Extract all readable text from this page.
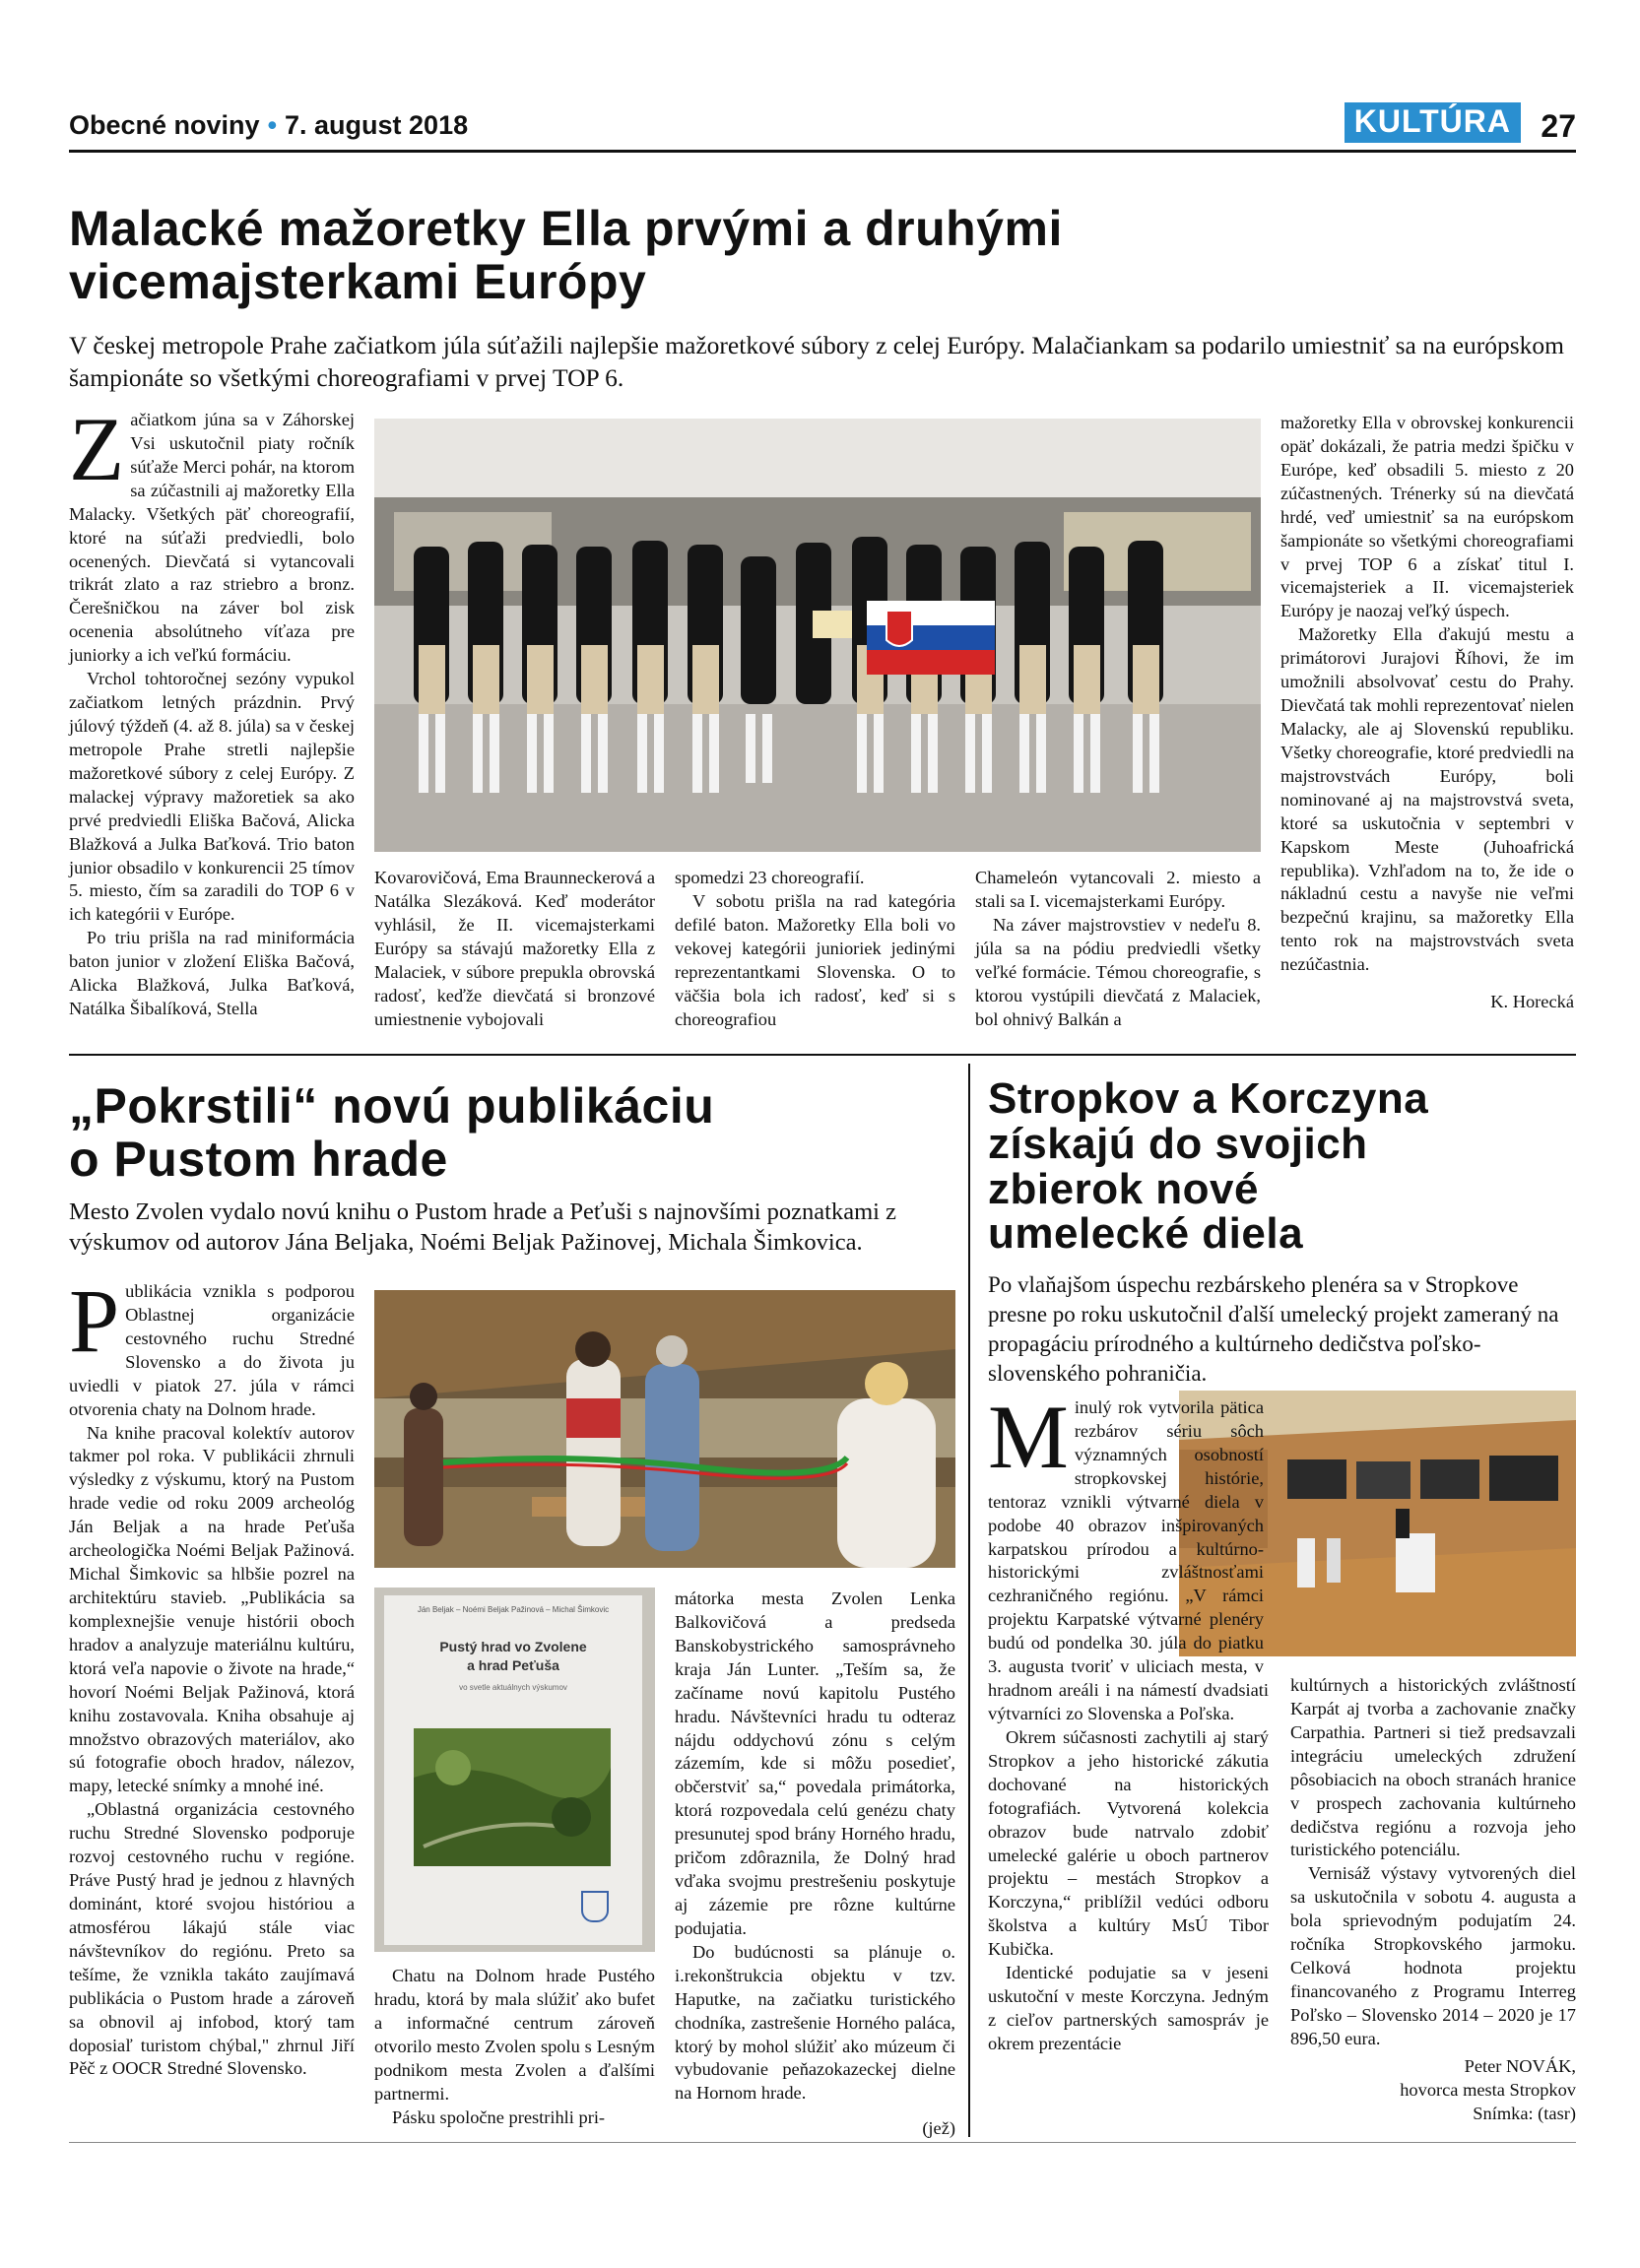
Obecné noviny • 7. august 2018	KULTÚRA 27
Malacké mažoretky Ella prvými a druhými
vicemajsterkami Európy
V českej metropole Prahe začiatkom júla súťažili najlepšie mažoretkové súbory z celej Európy. Malačiankam sa podarilo umiestniť sa na európskom šampionáte so všetkými choreografiami v prvej TOP 6.

Začiatkom júna sa v Záhorskej Vsi uskutočnil piaty ročník súťaže Merci pohár, na ktorom sa zúčastnili aj mažoretky Ella Malacky. Všetkých päť choreografií, ktoré na súťaži predviedli, bolo ocenených. Dievčatá si vytancovali trikrát zlato a raz striebro a bronz. Čerešničkou na záver bol zisk ocenenia absolútneho víťaza pre juniorky a ich veľkú formáciu.

Vrchol tohtoročnej sezóny vypukol začiatkom letných prázdnin. Prvý júlový týždeň (4. až 8. júla) sa v českej metropole Prahe stretli najlepšie mažoretkové súbory z celej Európy. Z malackej výpravy mažoretiek sa ako prvé predviedli Eliška Bačová, Alicka Blažková a Julka Baťková. Trio baton junior obsadilo v konkurencii 25 tímov 5. miesto, čím sa zaradili do TOP 6 v ich kategórii v Európe.

Po triu prišla na rad miniformácia baton junior v zložení Eliška Bačová, Alicka Blažková, Julka Baťková, Natálka Šibalíková, Stella

Kovarovičová, Ema Braunneckerová a Natálka Slezáková. Keď moderátor vyhlásil, že II. vicemajsterkami Európy sa stávajú mažoretky Ella z Malaciek, v súbore prepukla obrovská radosť, keďže dievčatá si bronzové umiestnenie vybojovali

spomedzi 23 choreografií.

V sobotu prišla na rad kategória defilé baton. Mažoretky Ella boli vo vekovej kategórii junioriek jedinými reprezentantkami Slovenska. O to väčšia bola ich radosť, keď si s choreografiou

Chameleón vytancovali 2. miesto a stali sa I. vicemajsterkami Európy.

Na záver majstrovstiev v nedeľu 8. júla sa na pódiu predviedli všetky veľké formácie. Témou choreografie, s ktorou vystúpili dievčatá z Malaciek, bol ohnivý Balkán a

mažoretky Ella v obrovskej konkurencii opäť dokázali, že patria medzi špičku v Európe, keď obsadili 5. miesto z 20 zúčastnených. Trénerky sú na dievčatá hrdé, veď umiestniť sa na európskom šampionáte so všetkými choreografiami v prvej TOP 6 a získať titul I. vicemajsteriek a II. vicemajsteriek Európy je naozaj veľký úspech.

Mažoretky Ella ďakujú mestu a primátorovi Jurajovi Říhovi, že im umožnili absolvovať cestu do Prahy. Dievčatá tak mohli reprezentovať nielen Malacky, ale aj Slovenskú republiku. Všetky choreografie, ktoré predviedli na majstrovstvách Európy, boli nominované aj na majstrovstvá sveta, ktoré sa uskutočnia v septembri v Kapskom Meste (Juhoafrická republika). Vzhľadom na to, že ide o nákladnú cestu a navyše nie veľmi bezpečnú krajinu, sa mažoretky Ella tento rok na majstrovstvách sveta nezúčastnia.

K. Horecká
„Pokrstili“ novú publikáciu
o Pustom hrade
Mesto Zvolen vydalo novú knihu o Pustom hrade a Peťuši s najnovšími poznatkami z výskumov od autorov Jána Beljaka, Noémi Beljak Pažinovej, Michala Šimkovica.

Publikácia vznikla s podporou Oblastnej organizácie cestovného ruchu Stredné Slovensko a do života ju uviedli v piatok 27. júla v rámci otvorenia chaty na Dolnom hrade.

Na knihe pracoval kolektív autorov takmer pol roka. V publikácii zhrnuli výsledky z výskumu, ktorý na Pustom hrade vedie od roku 2009 archeológ Ján Beljak a na hrade Peťuša archeologička Noémi Beljak Pažinová. Michal Šimkovic sa hlbšie pozrel na architektúru stavieb. „Publikácia sa komplexnejšie venuje histórii oboch hradov a analyzuje materiálnu kultúru, ktorá veľa napovie o živote na hrade,“ hovorí Noémi Beljak Pažinová, ktorá knihu zostavovala. Kniha obsahuje aj množstvo obrazových materiálov, ako sú fotografie oboch hradov, nálezov, mapy, letecké snímky a mnohé iné.

„Oblastná organizácia cestovného ruchu Stredné Slovensko podporuje rozvoj cestovného ruchu v regióne. Práve Pustý hrad je jednou z hlavných dominánt, ktoré svojou históriou a atmosférou lákajú stále viac návštevníkov do regiónu. Preto sa tešíme, že vznikla takáto zaujímavá publikácia o Pustom hrade a zároveň sa obnovil aj infobod, ktorý tam doposiaľ turistom chýbal," zhrnul Jiří Pěč z OOCR Stredné Slovensko.

Ján Beljak – Noémi Beljak Pažinová – Michal Šimkovic
Pustý hrad vo Zvolene
a hrad Peťuša
vo svetle aktuálnych výskumov

Chatu na Dolnom hrade Pustého hradu, ktorá by mala slúžiť ako bufet a informačné centrum zároveň otvorilo mesto Zvolen spolu s Lesným podnikom mesta Zvolen a ďalšími partnermi.

Pásku spoločne prestrihli pri-

mátorka mesta Zvolen Lenka Balkovičová a predseda Banskobystrického samosprávneho kraja Ján Lunter. „Teším sa, že začíname novú kapitolu Pustého hradu. Návštevníci hradu tu odteraz nájdu oddychovú zónu s celým zázemím, kde si môžu posedieť, občerstviť sa,“ povedala primátorka, ktorá rozpovedala celú genézu chaty presunutej spod brány Horného hradu, pričom zdôraznila, že Dolný hrad vďaka svojmu prestrešeniu poskytuje aj zázemie pre rôzne kultúrne podujatia.

Do budúcnosti sa plánuje o. i.rekonštrukcia objektu v tzv. Haputke, na začiatku turistického chodníka, zastrešenie Horného paláca, ktorý by mohol slúžiť ako múzeum či vybudovanie peňazokazeckej dielne na Hornom hrade.

(jež)
Stropkov a Korczyna
získajú do svojich
zbierok nové
umelecké diela
Po vlaňajšom úspechu rezbárskeho plenéra sa v Stropkove presne po roku uskutočnil ďalší umelecký projekt zameraný na propagáciu prírodného a kultúrneho dedičstva poľsko-slovenského pohraničia.

Minulý rok vytvorila pätica rezbárov sériu sôch významných osobností stropkovskej histórie, tentoraz vznikli výtvarné diela v podobe 40 obrazov inšpirovaných karpatskou prírodou a kultúrno-historickými zvláštnosťami cezhraničného regiónu. „V rámci projektu Karpatské výtvarné plenéry budú od pondelka 30. júla do piatku 3. augusta tvoriť v uliciach mesta, v hradnom areáli i na námestí dvadsiati výtvarníci zo Slovenska a Poľska.

Okrem súčasnosti zachytili aj starý Stropkov a jeho historické zákutia dochované na historických fotografiách. Vytvorená kolekcia obrazov bude natrvalo zdobiť umelecké galérie u oboch partnerov projektu – mestách Stropkov a Korczyna,“ priblížil vedúci odboru školstva a kultúry MsÚ Tibor Kubička.

Identické podujatie sa v jeseni uskutoční v meste Korczyna. Jedným z cieľov partnerských samospráv je okrem prezentácie

kultúrnych a historických zvláštností Karpát aj tvorba a zachovanie značky Carpathia. Partneri si tiež predsavzali integráciu umeleckých združení pôsobiacich na oboch stranách hranice v prospech zachovania kultúrneho dedičstva regiónu a rozvoja jeho turistického potenciálu.

Vernisáž výstavy vytvorených diel sa uskutočnila v sobotu 4. augusta a bola sprievodným podujatím 24. ročníka Stropkovského jarmoku. Celková hodnota projektu financovaného z Programu Interreg Poľsko – Slovensko 2014 – 2020 je 17 896,50 eura.

Peter NOVÁK,
hovorca mesta Stropkov
Snímka: (tasr)
